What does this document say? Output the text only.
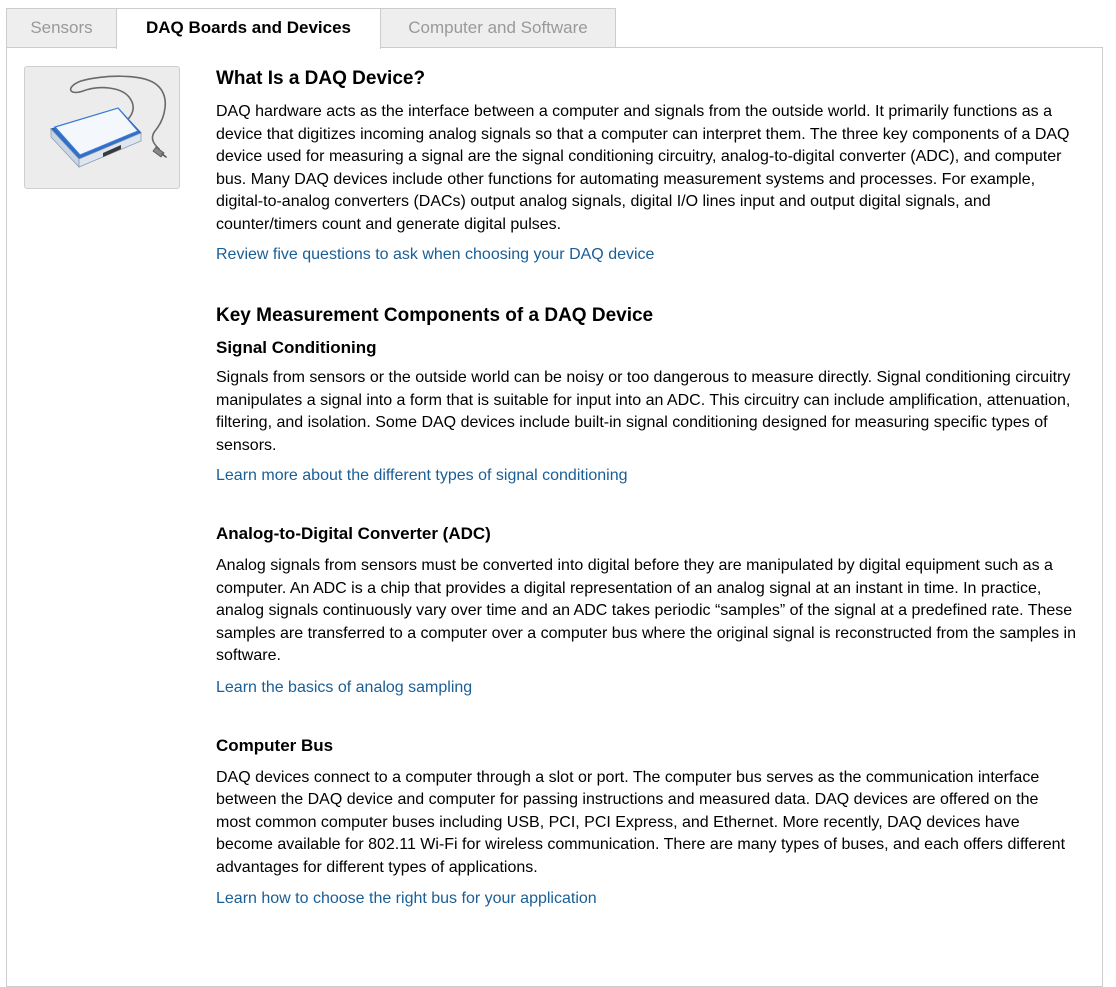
Sensors	DAQ Boards and Devices	Computer and Software
What Is a DAQ Device?

DAQ hardware acts as the interface between a computer and signals from the outside world. It primarily functions as a device that digitizes incoming analog signals so that a computer can interpret them. The three key components of a DAQ device used for measuring a signal are the signal conditioning circuitry, analog-to-digital converter (ADC), and computer bus. Many DAQ devices include other functions for automating measurement systems and processes. For example, digital-to-analog converters (DACs) output analog signals, digital I/O lines input and output digital signals, and counter/timers count and generate digital pulses.

Review five questions to ask when choosing your DAQ device
Key Measurement Components of a DAQ Device
Signal Conditioning

Signals from sensors or the outside world can be noisy or too dangerous to measure directly. Signal conditioning circuitry manipulates a signal into a form that is suitable for input into an ADC. This circuitry can include amplification, attenuation, filtering, and isolation. Some DAQ devices include built-in signal conditioning designed for measuring specific types of sensors.

Learn more about the different types of signal conditioning
Analog-to-Digital Converter (ADC)

Analog signals from sensors must be converted into digital before they are manipulated by digital equipment such as a computer. An ADC is a chip that provides a digital representation of an analog signal at an instant in time. In practice, analog signals continuously vary over time and an ADC takes periodic “samples” of the signal at a predefined rate. These samples are transferred to a computer over a computer bus where the original signal is reconstructed from the samples in software.

Learn the basics of analog sampling
Computer Bus

DAQ devices connect to a computer through a slot or port. The computer bus serves as the communication interface between the DAQ device and computer for passing instructions and measured data. DAQ devices are offered on the most common computer buses including USB, PCI, PCI Express, and Ethernet. More recently, DAQ devices have become available for 802.11 Wi-Fi for wireless communication. There are many types of buses, and each offers different advantages for different types of applications.

Learn how to choose the right bus for your application
